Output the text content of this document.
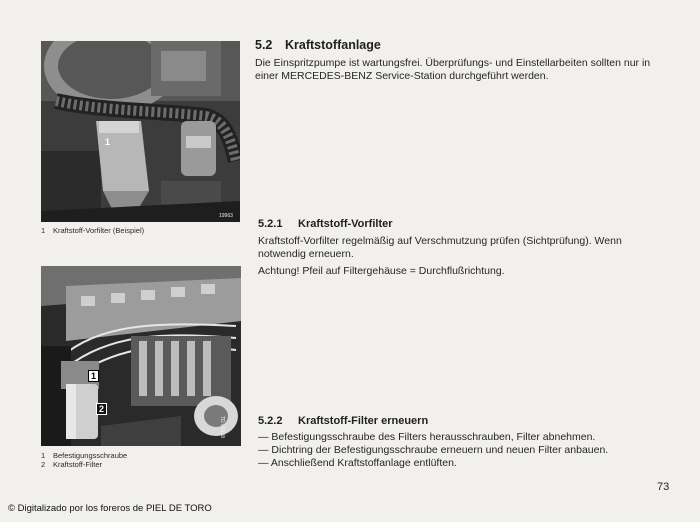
1
19963
1	Kraftstoff-Vorfilter (Beispiel)
1
2
TD 08918
1	Befestigungsschraube
2	Kraftstoff-Filter
5.2 Kraftstoffanlage
Die Einspritzpumpe ist wartungsfrei. Überprüfungs- und Einstellarbeiten sollten nur in einer MERCEDES-BENZ Service-Station durchgeführt werden.
5.2.1 Kraftstoff-Vorfilter
Kraftstoff-Vorfilter regelmäßig auf Verschmutzung prüfen (Sichtprüfung). Wenn notwendig erneuern.
Achtung! Pfeil auf Filtergehäuse = Durchflußrichtung.
5.2.2 Kraftstoff-Filter erneuern
— Befestigungsschraube des Filters herausschrauben, Filter abnehmen.
— Dichtring der Befestigungsschraube erneuern und neuen Filter anbauen.
— Anschließend Kraftstoffanlage entlüften.
73
© Digitalizado por los foreros de PIEL DE TORO
